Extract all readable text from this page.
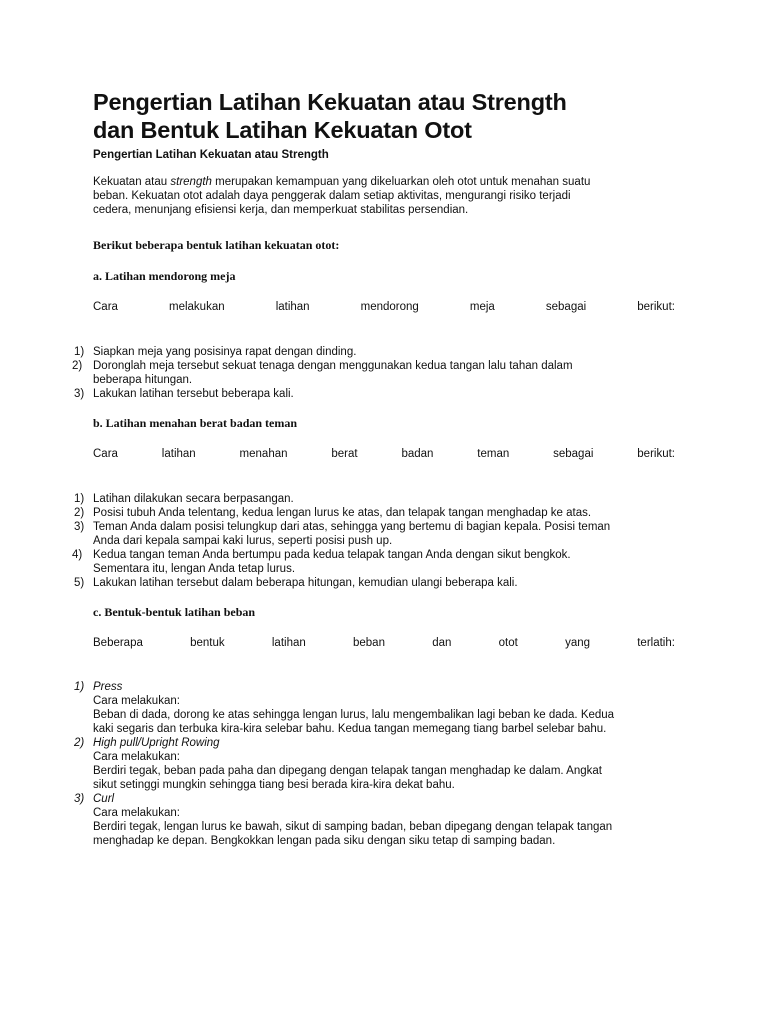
Pengertian Latihan Kekuatan atau Strength
dan Bentuk Latihan Kekuatan Otot
Pengertian Latihan Kekuatan atau Strength

Kekuatan atau strength merupakan kemampuan yang dikeluarkan oleh otot untuk menahan suatu

beban. Kekuatan otot adalah daya penggerak dalam setiap aktivitas, mengurangi risiko terjadi

cedera, menunjang efisiensi kerja, dan memperkuat stabilitas persendian.

Berikut beberapa bentuk latihan kekuatan otot:
a. Latihan mendorong meja
Cara	melakukan	latihan	mendorong	meja	sebagai	berikut:
1) Siapkan meja yang posisinya rapat dengan dinding.
2) Doronglah meja tersebut sekuat tenaga dengan menggunakan kedua tangan lalu tahan dalam
beberapa hitungan.
3) Lakukan latihan tersebut beberapa kali.
b. Latihan menahan berat badan teman
Cara	latihan	menahan	berat	badan	teman	sebagai	berikut:
1) Latihan dilakukan secara berpasangan.
2) Posisi tubuh Anda telentang, kedua lengan lurus ke atas, dan telapak tangan menghadap ke atas.
3) Teman Anda dalam posisi telungkup dari atas, sehingga yang bertemu di bagian kepala. Posisi teman
Anda dari kepala sampai kaki lurus, seperti posisi push up.
4) Kedua tangan teman Anda bertumpu pada kedua telapak tangan Anda dengan sikut bengkok.
Sementara itu, lengan Anda tetap lurus.
5) Lakukan latihan tersebut dalam beberapa hitungan, kemudian ulangi beberapa kali.
c. Bentuk-bentuk latihan beban
Beberapa	bentuk	latihan	beban	dan	otot	yang	terlatih:
1) Press
Cara melakukan:
Beban di dada, dorong ke atas sehingga lengan lurus, lalu mengembalikan lagi beban ke dada. Kedua
kaki segaris dan terbuka kira-kira selebar bahu. Kedua tangan memegang tiang barbel selebar bahu.
2) High pull/Upright Rowing
Cara melakukan:
Berdiri tegak, beban pada paha dan dipegang dengan telapak tangan menghadap ke dalam. Angkat
sikut setinggi mungkin sehingga tiang besi berada kira-kira dekat bahu.
3) Curl
Cara melakukan:
Berdiri tegak, lengan lurus ke bawah, sikut di samping badan, beban dipegang dengan telapak tangan
menghadap ke depan. Bengkokkan lengan pada siku dengan siku tetap di samping badan.
